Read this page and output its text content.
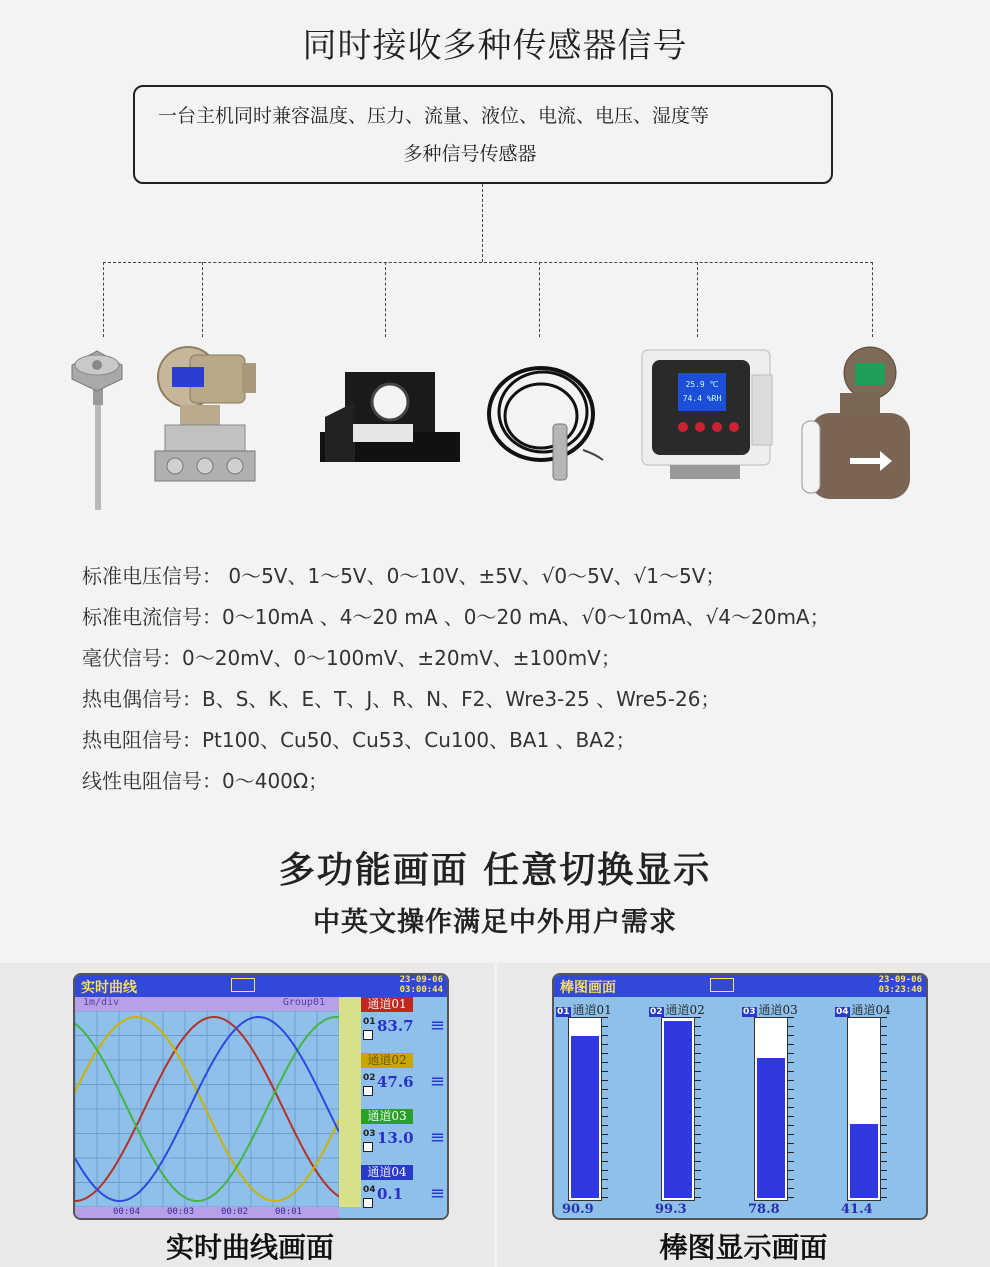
同时接收多种传感器信号
一台主机同时兼容温度、压力、流量、液位、电流、电压、湿度等
多种信号传感器
25.9 ℃
74.4 %RH
标准电压信号： 0～5V、1～5V、0～10V、±5V、√0～5V、√1～5V；
标准电流信号：0～10mA 、4～20 mA 、0～20 mA、√0～10mA、√4～20mA；
毫伏信号：0～20mV、0～100mV、±20mV、±100mV；
热电偶信号：B、S、K、E、T、J、R、N、F2、Wre3-25 、Wre5-26；
热电阻信号：Pt100、Cu50、Cu53、Cu100、BA1 、BA2；
线性电阻信号：0～400Ω；
多功能画面 任意切换显示
中英文操作满足中外用户需求
实时曲线	23-09-06
03:00:44
1m/div	Group01
00:04	00:03	00:02	00:01
通道01
01 83.7 ≡
通道02
02 47.6 ≡
通道03
03 13.0 ≡
通道04
04 0.1 ≡
实时曲线画面
棒图画面	23-09-06
03:23:40
01 通道01
90.9
02 通道02
99.3
03 通道03
78.8
04 通道04
41.4
棒图显示画面
